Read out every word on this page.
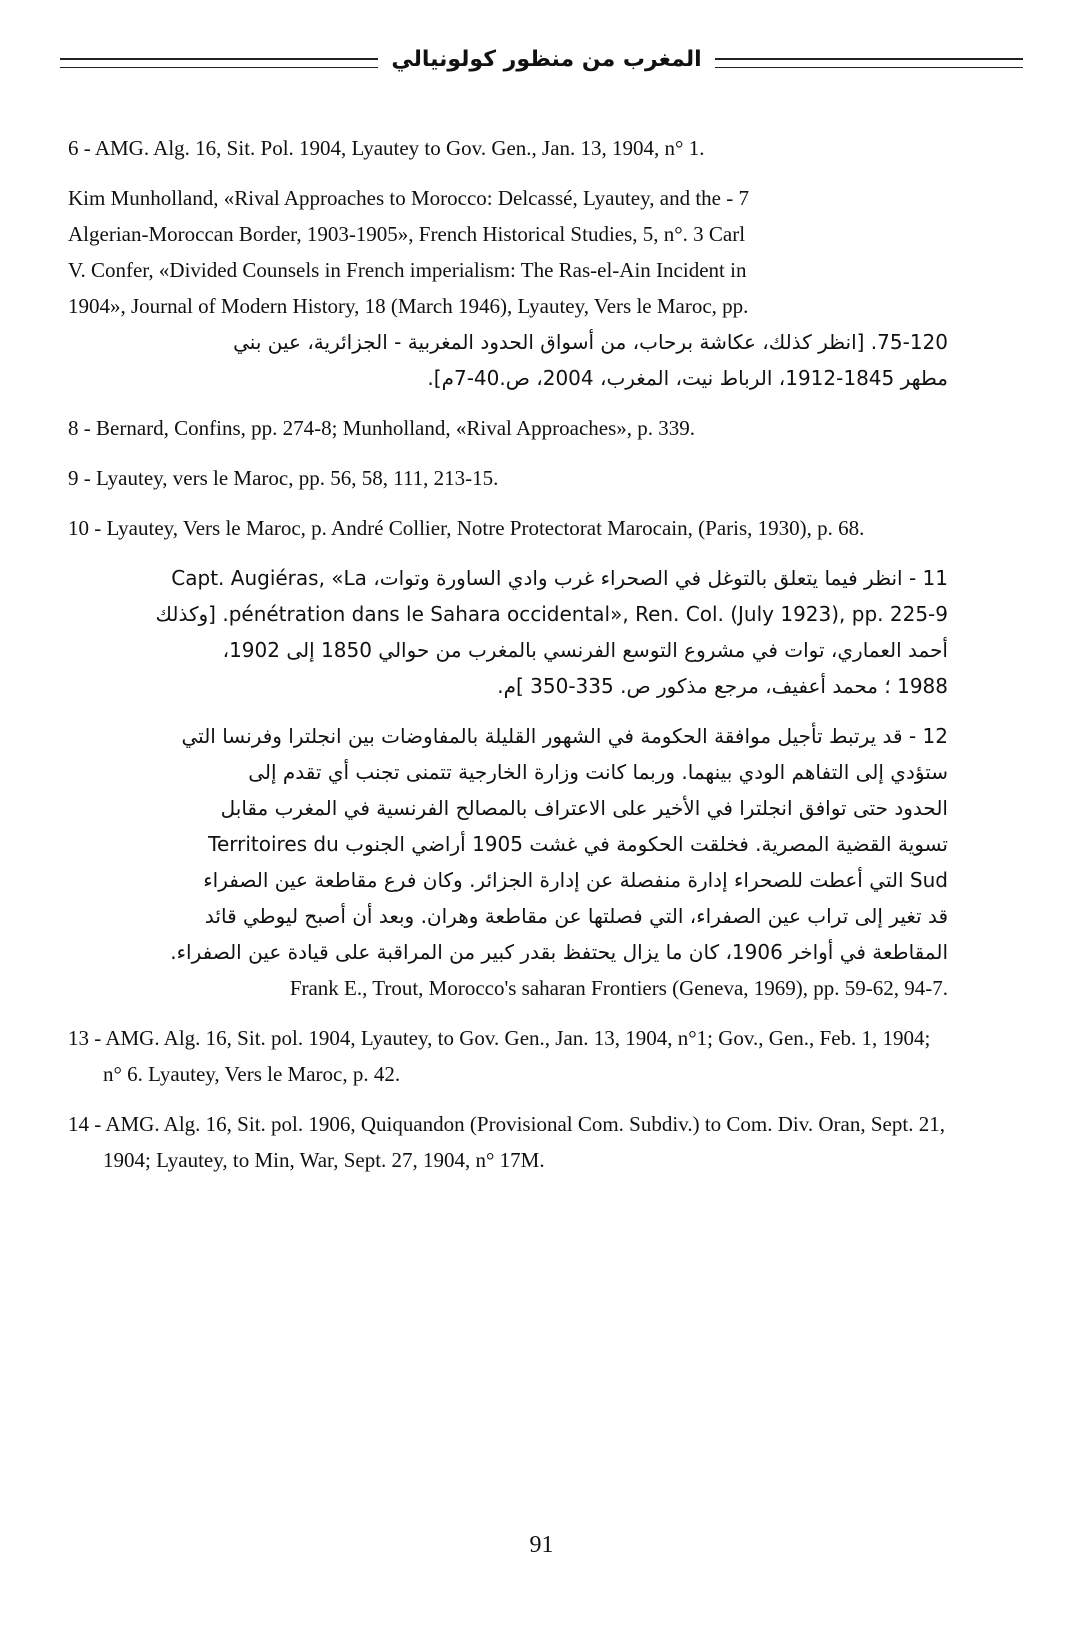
المغرب من منظور كولونيالي

6 - AMG. Alg. 16, Sit. Pol. 1904, Lyautey to Gov. Gen., Jan. 13, 1904, n° 1.

Kim Munholland, «Rival Approaches to Morocco: Delcassé, Lyautey, and the - 7
Algerian-Moroccan Border, 1903-1905», French Historical Studies, 5, n°. 3 Carl
V. Confer, «Divided Counsels in French imperialism: The Ras-el-Ain Incident in
1904», Journal of Modern History, 18 (March 1946), Lyautey, Vers le Maroc, pp.
75-120. [انظر كذلك، عكاشة برحاب، من أسواق الحدود المغربية - الجزائرية، عين بني
مطهر 1845-1912، الرباط نيت، المغرب، 2004، ص.40-7م].

8 - Bernard, Confins, pp. 274-8; Munholland, «Rival Approaches», p. 339.

9 - Lyautey, vers le Maroc, pp. 56, 58, 111, 213-15.

10 - Lyautey, Vers le Maroc, p. André Collier, Notre Protectorat Marocain, (Paris, 1930), p. 68.

11 - انظر فيما يتعلق بالتوغل في الصحراء غرب وادي الساورة وتوات، Capt. Augiéras, «La
pénétration dans le Sahara occidental», Ren. Col. (July 1923), pp. 225-9. [وكذلك
أحمد العماري، توات في مشروع التوسع الفرنسي بالمغرب من حوالي 1850 إلى 1902،
1988 ؛ محمد أعفيف، مرجع مذكور ص. 335-350 ]م.
12 - قد يرتبط تأجيل موافقة الحكومة في الشهور القليلة بالمفاوضات بين انجلترا وفرنسا التي
ستؤدي إلى التفاهم الودي بينهما. وربما كانت وزارة الخارجية تتمنى تجنب أي تقدم إلى
الحدود حتى توافق انجلترا في الأخير على الاعتراف بالمصالح الفرنسية في المغرب مقابل
تسوية القضية المصرية. فخلقت الحكومة في غشت 1905 أراضي الجنوب Territoires du
Sud التي أعطت للصحراء إدارة منفصلة عن إدارة الجزائر. وكان فرع مقاطعة عين الصفراء
قد تغير إلى تراب عين الصفراء، التي فصلتها عن مقاطعة وهران. وبعد أن أصبح ليوطي قائد
المقاطعة في أواخر 1906، كان ما يزال يحتفظ بقدر كبير من المراقبة على قيادة عين الصفراء.
Frank E., Trout, Morocco's saharan Frontiers (Geneva, 1969), pp. 59-62, 94-7.

13 - AMG. Alg. 16, Sit. pol. 1904, Lyautey, to Gov. Gen., Jan. 13, 1904, n°1; Gov., Gen., Feb. 1, 1904; n° 6. Lyautey, Vers le Maroc, p. 42.

14 - AMG. Alg. 16, Sit. pol. 1906, Quiquandon (Provisional Com. Subdiv.) to Com. Div. Oran, Sept. 21, 1904; Lyautey, to Min, War, Sept. 27, 1904, n° 17M.

91
